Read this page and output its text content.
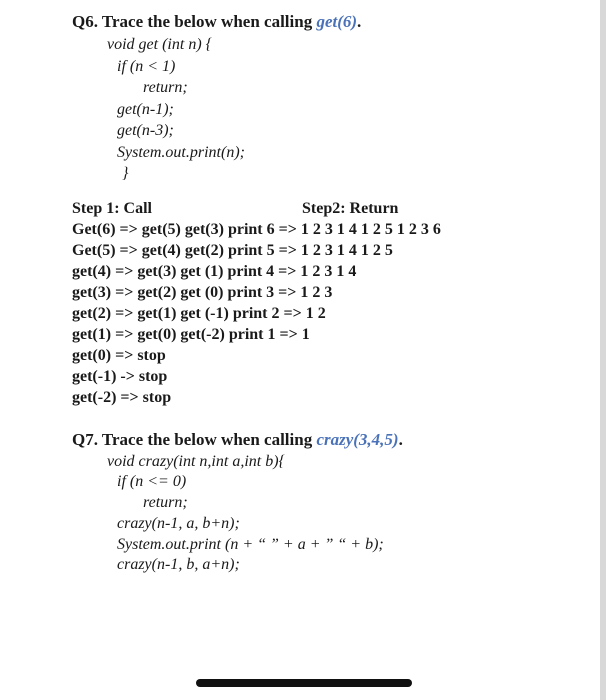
Q6. Trace the below when calling get(6).
void get (int n) {
if (n < 1)
return;
get(n-1);
get(n-3);
System.out.print(n);
}
Step 1: Call	Step2: Return
Get(6) => get(5) get(3) print 6 => 1 2 3 1 4 1 2 5 1 2 3 6
Get(5) => get(4) get(2) print 5 => 1 2 3 1 4 1 2 5
get(4) => get(3) get (1) print 4 => 1 2 3 1 4
get(3) => get(2) get (0) print 3 => 1 2 3
get(2) => get(1) get (-1) print 2 => 1 2
get(1) => get(0) get(-2) print 1 => 1
get(0) => stop
get(-1) -> stop
get(-2) => stop
Q7. Trace the below when calling crazy(3,4,5).
void crazy(int n,int a,int b){
if (n <= 0)
return;
crazy(n-1, a, b+n);
System.out.print (n + “ ” + a + ” “ + b);
crazy(n-1, b, a+n);
